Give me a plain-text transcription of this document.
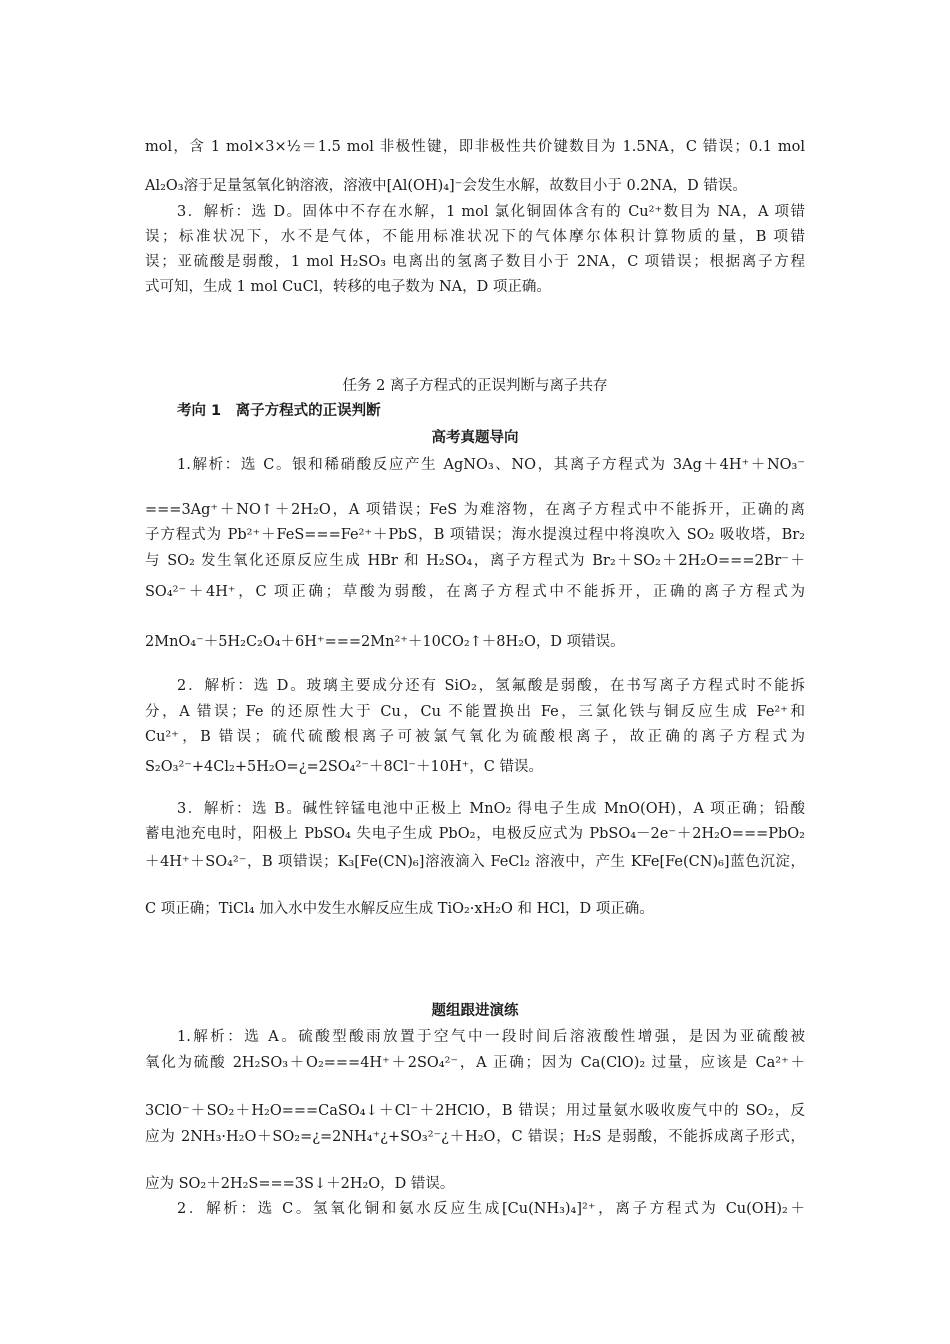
mol，含 1 mol×3×½＝1.5 mol 非极性键，即非极性共价键数目为 1.5NA，C 错误；0.1 mol
Al₂O₃溶于足量氢氧化钠溶液，溶液中[Al(OH)₄]⁻会发生水解，故数目小于 0.2NA，D 错误。
3．解析：选 D。固体中不存在水解，1 mol 氯化铜固体含有的 Cu²⁺数目为 NA，A 项错
误；标准状况下，水不是气体，不能用标准状况下的气体摩尔体积计算物质的量，B 项错
误；亚硫酸是弱酸，1 mol H₂SO₃ 电离出的氢离子数目小于 2NA，C 项错误；根据离子方程
式可知，生成 1 mol CuCl，转移的电子数为 NA，D 项正确。
任务 2 离子方程式的正误判断与离子共存
考向 1　离子方程式的正误判断
高考真题导向
1.解析：选 C。银和稀硝酸反应产生 AgNO₃、NO，其离子方程式为 3Ag＋4H⁺＋NO₃⁻
===3Ag⁺＋NO↑＋2H₂O，A 项错误；FeS 为难溶物，在离子方程式中不能拆开，正确的离
子方程式为 Pb²⁺＋FeS===Fe²⁺＋PbS，B 项错误；海水提溴过程中将溴吹入 SO₂ 吸收塔，Br₂
与 SO₂ 发生氧化还原反应生成 HBr 和 H₂SO₄，离子方程式为 Br₂＋SO₂＋2H₂O===2Br⁻＋
SO₄²⁻＋4H⁺，C 项正确；草酸为弱酸，在离子方程式中不能拆开，正确的离子方程式为
2MnO₄⁻＋5H₂C₂O₄＋6H⁺===2Mn²⁺＋10CO₂↑＋8H₂O，D 项错误。
2．解析：选 D。玻璃主要成分还有 SiO₂，氢氟酸是弱酸，在书写离子方程式时不能拆
分，A 错误；Fe 的还原性大于 Cu，Cu 不能置换出 Fe，三氯化铁与铜反应生成 Fe²⁺和
Cu²⁺，B 错误；硫代硫酸根离子可被氯气氧化为硫酸根离子，故正确的离子方程式为
S₂O₃²⁻+4Cl₂+5H₂O=¿=2SO₄²⁻＋8Cl⁻＋10H⁺，C 错误。
3．解析：选 B。碱性锌锰电池中正极上 MnO₂ 得电子生成 MnO(OH)，A 项正确；铅酸
蓄电池充电时，阳极上 PbSO₄ 失电子生成 PbO₂，电极反应式为 PbSO₄－2e⁻＋2H₂O===PbO₂
＋4H⁺＋SO₄²⁻，B 项错误；K₃[Fe(CN)₆]溶液滴入 FeCl₂ 溶液中，产生 KFe[Fe(CN)₆]蓝色沉淀，
C 项正确；TiCl₄ 加入水中发生水解反应生成 TiO₂·xH₂O 和 HCl，D 项正确。
题组跟进演练
1.解析：选 A。硫酸型酸雨放置于空气中一段时间后溶液酸性增强，是因为亚硫酸被
氧化为硫酸 2H₂SO₃＋O₂===4H⁺＋2SO₄²⁻，A 正确；因为 Ca(ClO)₂ 过量，应该是 Ca²⁺＋
3ClO⁻＋SO₂＋H₂O===CaSO₄↓＋Cl⁻＋2HClO，B 错误；用过量氨水吸收废气中的 SO₂，反
应为 2NH₃·H₂O＋SO₂=¿=2NH₄⁺¿+SO₃²⁻¿＋H₂O，C 错误；H₂S 是弱酸，不能拆成离子形式，
应为 SO₂＋2H₂S===3S↓＋2H₂O，D 错误。
2．解析：选 C。氢氧化铜和氨水反应生成[Cu(NH₃)₄]²⁺，离子方程式为 Cu(OH)₂＋
